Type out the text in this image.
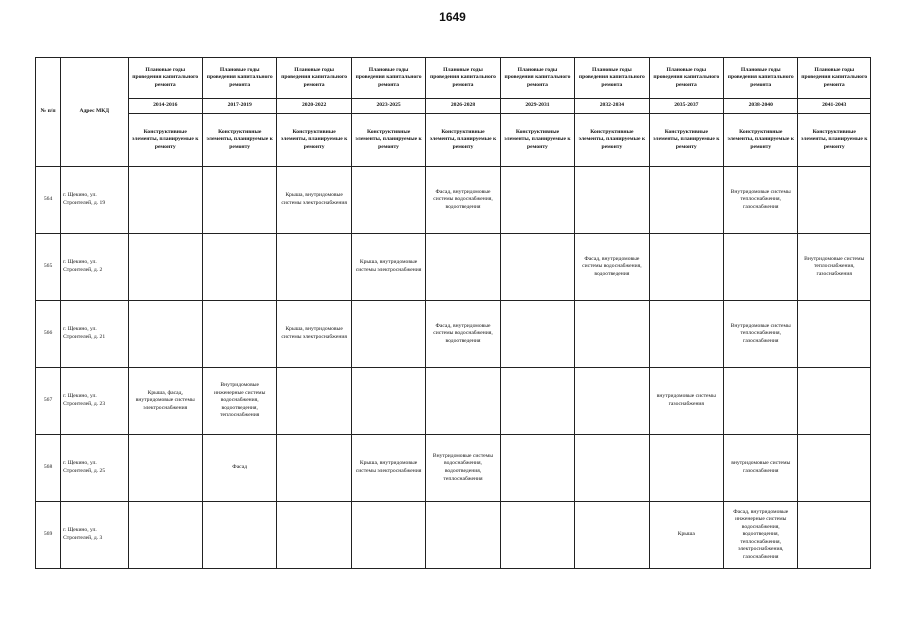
1649
№ п/п	Адрес МКД	Плановые годы проведения капитального ремонта	Плановые годы проведения капитального ремонта	Плановые годы проведения капитального ремонта	Плановые годы проведения капитального ремонта	Плановые годы проведения капитального ремонта	Плановые годы проведения капитального ремонта	Плановые годы проведения капитального ремонта	Плановые годы проведения капитального ремонта	Плановые годы проведения капитального ремонта	Плановые годы проведения капитального ремонта
		2014-2016	2017-2019	2020-2022	2023-2025	2026-2028	2029-2031	2032-2034	2035-2037	2038-2040	2041-2043
		Конструктивные элементы, планируемые к ремонту	Конструктивные элементы, планируемые к ремонту	Конструктивные элементы, планируемые к ремонту	Конструктивные элементы, планируемые к ремонту	Конструктивные элементы, планируемые к ремонту	Конструктивные элементы, планируемые к ремонту	Конструктивные элементы, планируемые к ремонту	Конструктивные элементы, планируемые к ремонту	Конструктивные элементы, планируемые к ремонту	Конструктивные элементы, планируемые к ремонту
564	г. Щекино, ул. Строителей, д. 19			Крыша, внутридомовые системы электроснабжения		Фасад, внутридомовые системы водоснабжения, водоотведения				Внутридомовые системы теплоснабжения, газоснабжения	
565	г. Щекино, ул. Строителей, д. 2				Крыша, внутридомовые системы электроснабжения			Фасад, внутридомовые системы водоснабжения, водоотведения			Внутридомовые системы теплоснабжения, газоснабжения
566	г. Щекино, ул. Строителей, д. 21			Крыша, внутридомовые системы электроснабжения		Фасад, внутридомовые системы водоснабжения, водоотведения				Внутридомовые системы теплоснабжения, газоснабжения	
567	г. Щекино, ул. Строителей, д. 23	Крыша, фасад, внутридомовые системы электроснабжения	Внутридомовые инженерные системы водоснабжения, водоотведения, теплоснабжения						внутридомовые системы газоснабжения		
568	г. Щекино, ул. Строителей, д. 25		Фасад		Крыша, внутридомовые системы электроснабжения	Внутридомовые системы водоснабжения, водоотведения, теплоснабжения				внутридомовые системы газоснабжения	
569	г. Щекино, ул. Строителей, д. 3								Крыша	Фасад, внутридомовые инженерные системы водоснабжения, водоотведения, теплоснабжения, электроснабжения, газоснабжения	
